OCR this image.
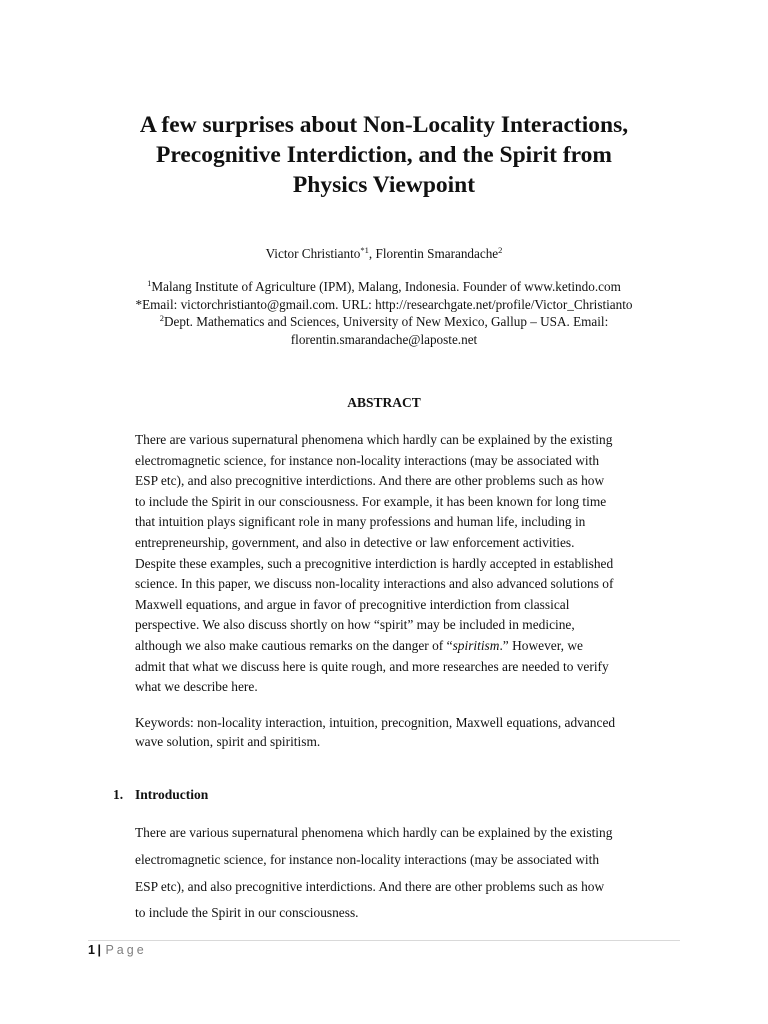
A few surprises about Non-Locality Interactions,
Precognitive Interdiction, and the Spirit from
Physics Viewpoint
Victor Christianto$^{*1}$, Florentin Smarandache$^2$
$^1$Malang Institute of Agriculture (IPM), Malang, Indonesia. Founder of www.ketindo.com
*Email: victorchristianto@gmail.com. URL: http://researchgate.net/profile/Victor_Christianto
$^2$Dept. Mathematics and Sciences, University of New Mexico, Gallup – USA. Email:
florentin.smarandache@laposte.net
ABSTRACT
There are various supernatural phenomena which hardly can be explained by the existing
electromagnetic science, for instance non-locality interactions (may be associated with
ESP etc), and also precognitive interdictions. And there are other problems such as how
to include the Spirit in our consciousness. For example, it has been known for long time
that intuition plays significant role in many professions and human life, including in
entrepreneurship, government, and also in detective or law enforcement activities.
Despite these examples, such a precognitive interdiction is hardly accepted in established
science. In this paper, we discuss non-locality interactions and also advanced solutions of
Maxwell equations, and argue in favor of precognitive interdiction from classical
perspective. We also discuss shortly on how “spirit” may be included in medicine,
although we also make cautious remarks on the danger of “spiritism.” However, we
admit that what we discuss here is quite rough, and more researches are needed to verify
what we describe here.
Keywords: non-locality interaction, intuition, precognition, Maxwell equations, advanced
wave solution, spirit and spiritism.
1. Introduction
There are various supernatural phenomena which hardly can be explained by the existing
electromagnetic science, for instance non-locality interactions (may be associated with
ESP etc), and also precognitive interdictions. And there are other problems such as how
to include the Spirit in our consciousness.
1 | Page
